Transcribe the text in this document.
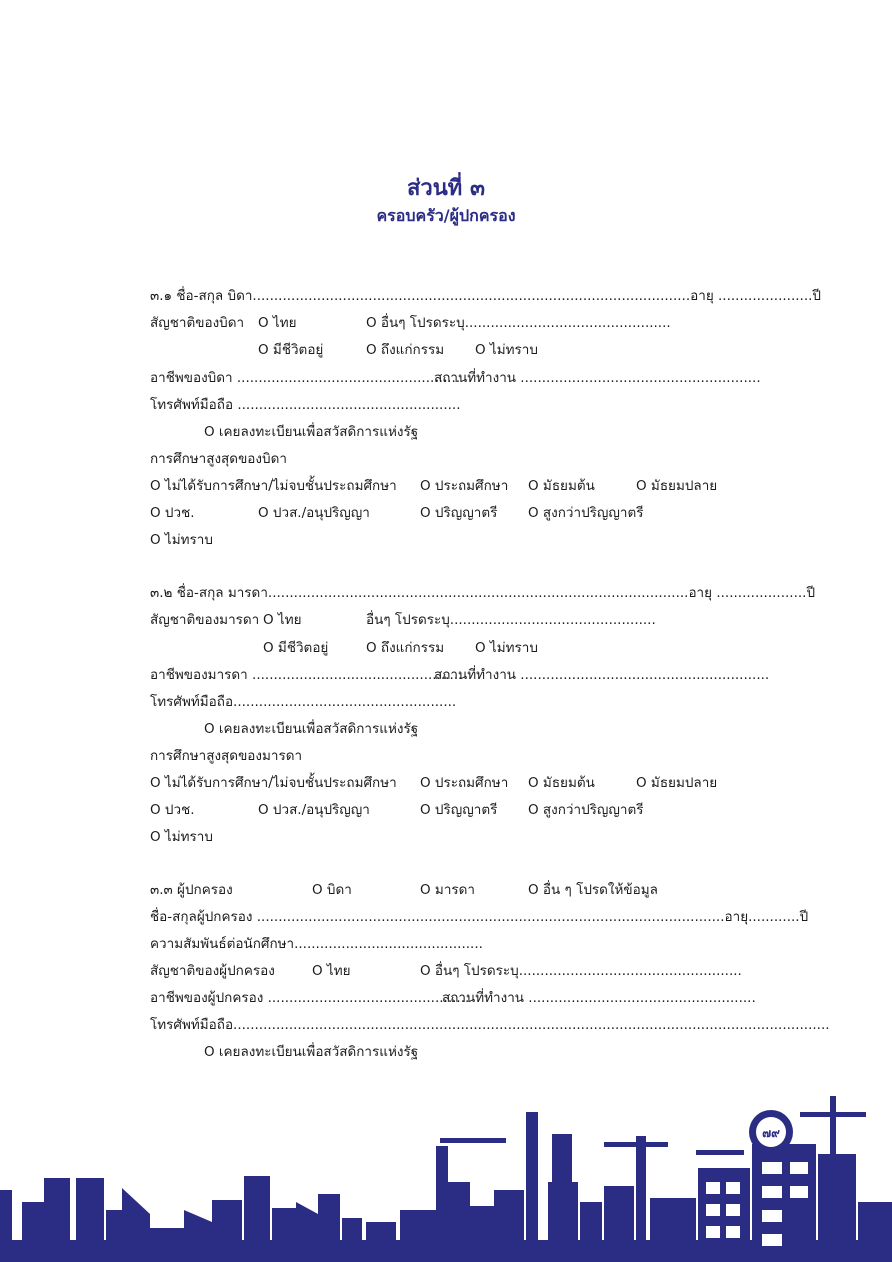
ส่วนที่ ๓
ครอบครัว/ผู้ปกครอง
๓.๑ ชื่อ-สกุล บิดา......................................................................................................อายุ ......................ปี
สัญชาติของบิดา O ไทย	O อื่นๆ โปรดระบุ................................................
O มีชีวิตอยู่	O ถึงแก่กรรม O ไม่ทราบ
อาชีพของบิดา ....................................................
สถานที่ทำงาน ........................................................
โทรศัพท์มือถือ ....................................................
O เคยลงทะเบียนเพื่อสวัสดิการแห่งรัฐ
การศึกษาสูงสุดของบิดา
O ไม่ได้รับการศึกษา/ไม่จบชั้นประถมศึกษา O ประถมศึกษา O มัธยมต้น	O มัธยมปลาย
O ปวช.	O ปวส./อนุปริญญา	O ปริญญาตรี O สูงกว่าปริญญาตรี
O ไม่ทราบ
๓.๒ ชื่อ-สกุล มารดา..................................................................................................อายุ .....................ปี
สัญชาติของมารดา O ไทย	อื่นๆ โปรดระบุ................................................
O มีชีวิตอยู่	O ถึงแก่กรรม O ไม่ทราบ
อาชีพของมารดา .................................................
สถานที่ทำงาน ..........................................................
โทรศัพท์มือถือ....................................................
O เคยลงทะเบียนเพื่อสวัสดิการแห่งรัฐ
การศึกษาสูงสุดของมารดา
O ไม่ได้รับการศึกษา/ไม่จบชั้นประถมศึกษา O ประถมศึกษา O มัธยมต้น	O มัธยมปลาย
O ปวช.	O ปวส./อนุปริญญา	O ปริญญาตรี O สูงกว่าปริญญาตรี
O ไม่ทราบ
๓.๓ ผู้ปกครอง	O บิดา	O มารดา	O อื่น ๆ โปรดให้ข้อมูล
ชื่อ-สกุลผู้ปกครอง .............................................................................................................อายุ............ปี
ความสัมพันธ์ต่อนักศึกษา............................................
สัญชาติของผู้ปกครอง	O ไทย	O อื่นๆ โปรดระบุ....................................................
อาชีพของผู้ปกครอง ...............................................
สถานที่ทำงาน .....................................................
โทรศัพท์มือถือ...........................................................................................................................................
O เคยลงทะเบียนเพื่อสวัสดิการแห่งรัฐ
๗๙
